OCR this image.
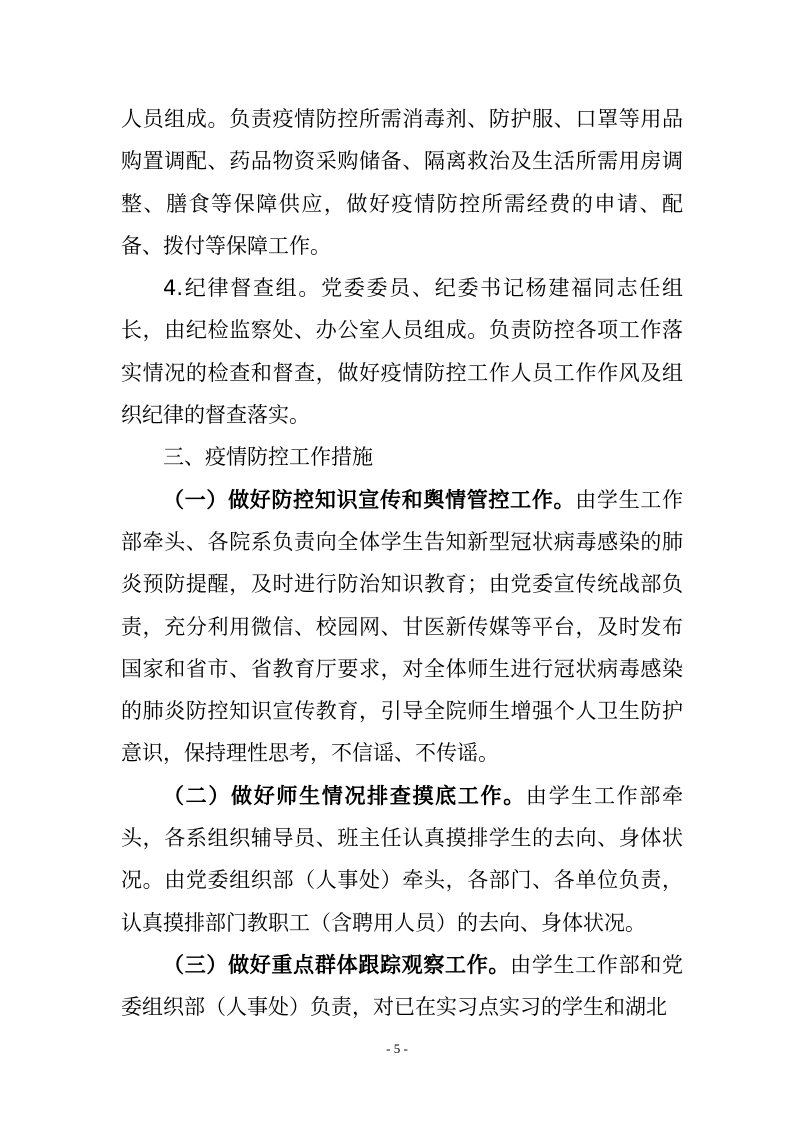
人员组成。负责疫情防控所需消毒剂、防护服、口罩等用品购置调配、药品物资采购储备、隔离救治及生活所需用房调整、膳食等保障供应，做好疫情防控所需经费的申请、配备、拨付等保障工作。

4.纪律督查组。党委委员、纪委书记杨建福同志任组长，由纪检监察处、办公室人员组成。负责防控各项工作落实情况的检查和督查，做好疫情防控工作人员工作作风及组织纪律的督查落实。

三、疫情防控工作措施

（一）做好防控知识宣传和舆情管控工作。由学生工作部牵头、各院系负责向全体学生告知新型冠状病毒感染的肺炎预防提醒，及时进行防治知识教育；由党委宣传统战部负责，充分利用微信、校园网、甘医新传媒等平台，及时发布国家和省市、省教育厅要求，对全体师生进行冠状病毒感染的肺炎防控知识宣传教育，引导全院师生增强个人卫生防护意识，保持理性思考，不信谣、不传谣。

（二）做好师生情况排查摸底工作。由学生工作部牵头，各系组织辅导员、班主任认真摸排学生的去向、身体状况。由党委组织部（人事处）牵头，各部门、各单位负责，认真摸排部门教职工（含聘用人员）的去向、身体状况。

（三）做好重点群体跟踪观察工作。由学生工作部和党委组织部（人事处）负责，对已在实习点实习的学生和湖北

- 5 -
